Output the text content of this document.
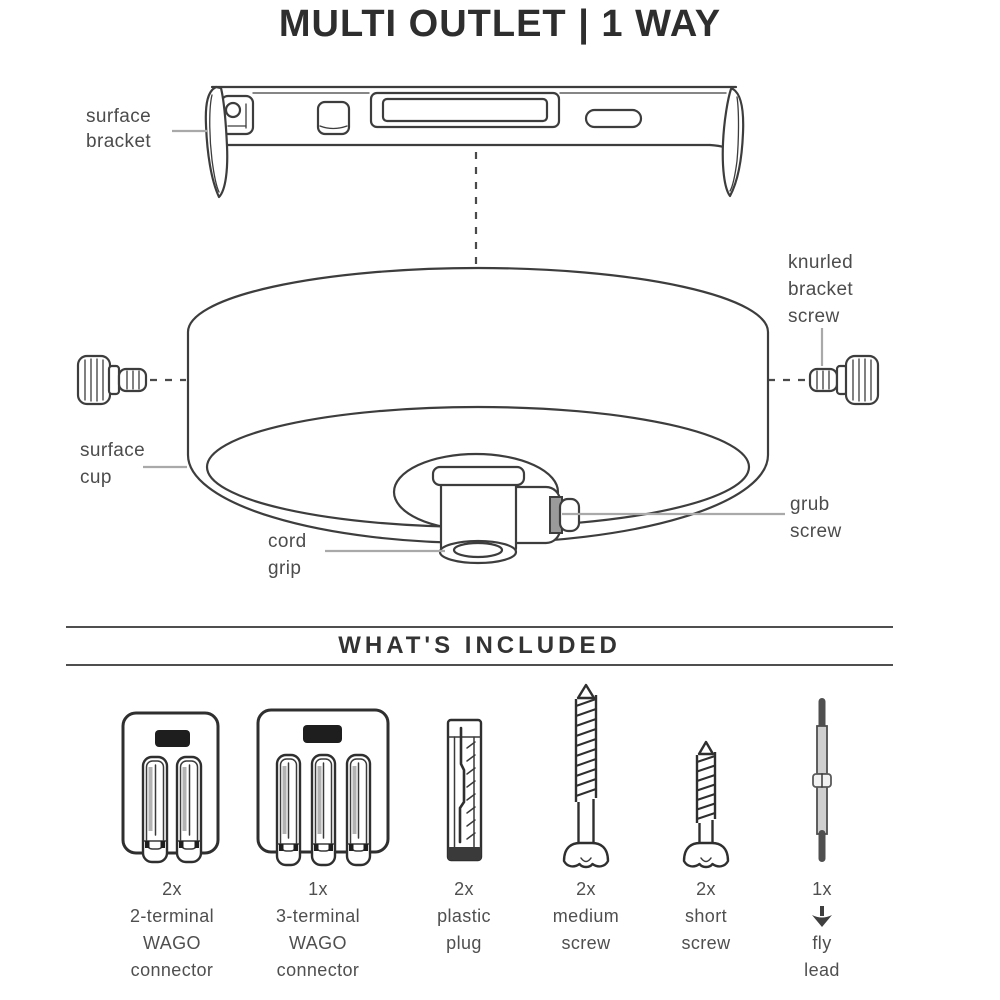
MULTI OUTLET | 1 WAY
surface
bracket
knurled
bracket
screw
surface
cup
cord
grip
grub
screw
WHAT'S INCLUDED
2x
2-terminal
WAGO
connector
1x
3-terminal
WAGO
connector
2x
plastic
plug
2x
medium
screw
2x
short
screw
1x
fly
lead
